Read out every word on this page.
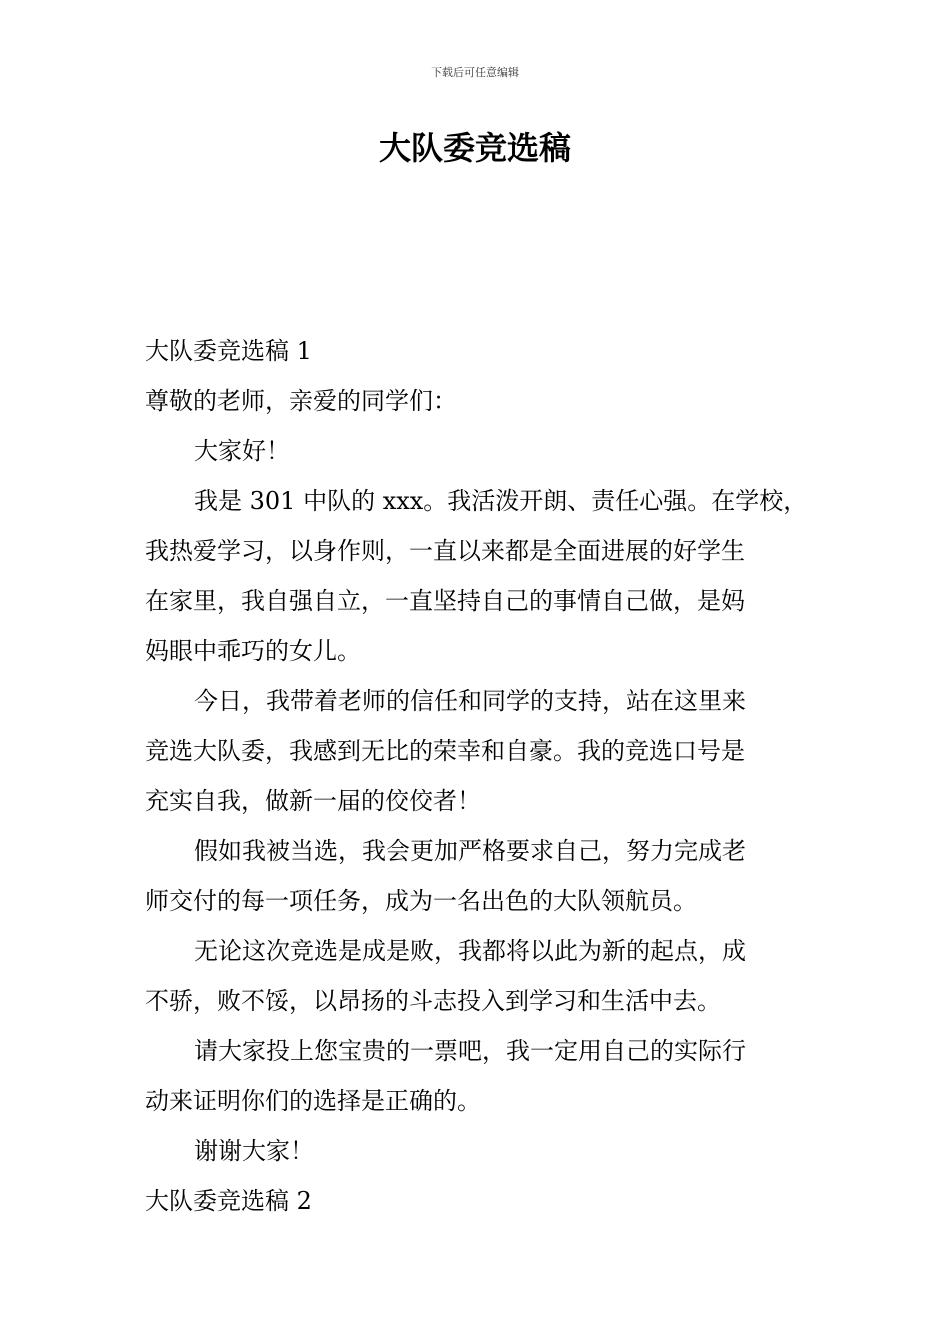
下载后可任意编辑
大队委竞选稿
大队委竞选稿 1
尊敬的老师，亲爱的同学们：
大家好！
我是 301 中队的 xxx。我活泼开朗、责任心强。在学校，
我热爱学习，以身作则，一直以来都是全面进展的好学生
在家里，我自强自立，一直坚持自己的事情自己做，是妈
妈眼中乖巧的女儿。
今日，我带着老师的信任和同学的支持，站在这里来
竞选大队委，我感到无比的荣幸和自豪。我的竞选口号是
充实自我，做新一届的佼佼者！
假如我被当选，我会更加严格要求自己，努力完成老
师交付的每一项任务，成为一名出色的大队领航员。
无论这次竞选是成是败，我都将以此为新的起点，成
不骄，败不馁，以昂扬的斗志投入到学习和生活中去。
请大家投上您宝贵的一票吧，我一定用自己的实际行
动来证明你们的选择是正确的。
谢谢大家！
大队委竞选稿 2
